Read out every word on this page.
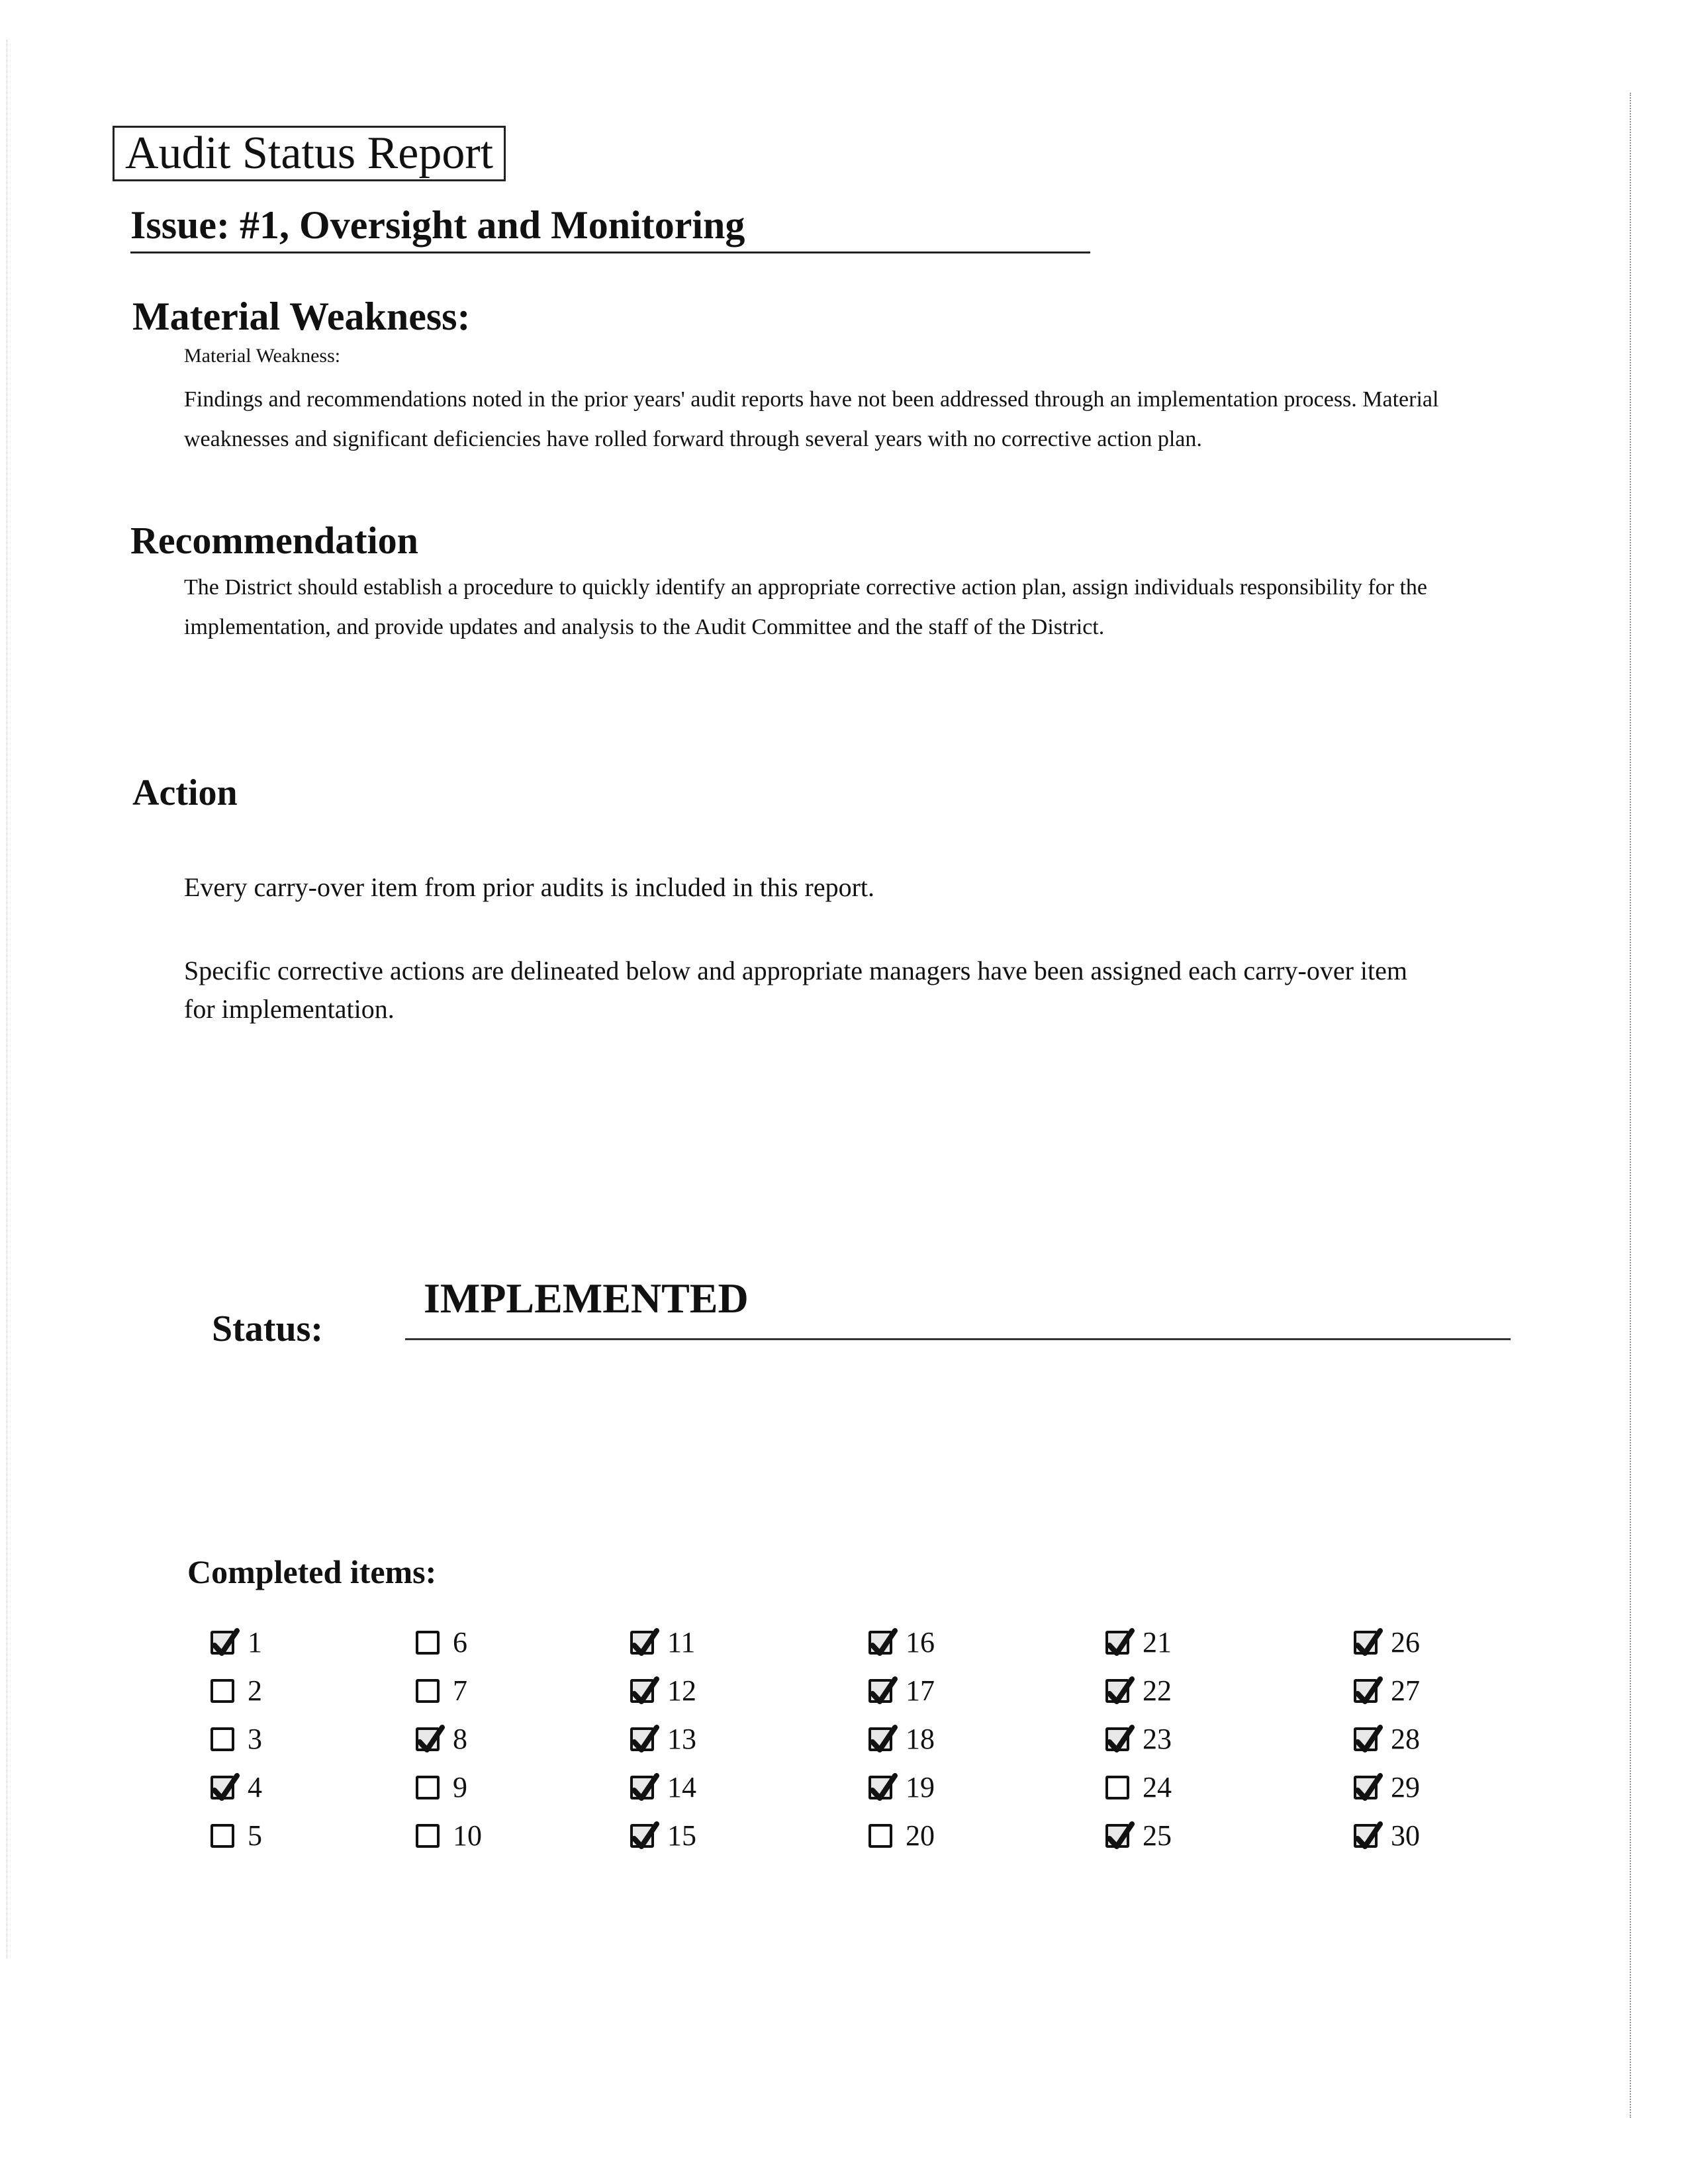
Audit Status Report
Issue: #1, Oversight and Monitoring
Material Weakness:
Material Weakness:

Findings and recommendations noted in the prior years' audit reports have not been addressed through an implementation process. Material weaknesses and significant deficiencies have rolled forward through several years with no corrective action plan.

Recommendation

The District should establish a procedure to quickly identify an appropriate corrective action plan, assign individuals responsibility for the implementation, and provide updates and analysis to the Audit Committee and the staff of the District.

Action

Every carry-over item from prior audits is included in this report.

Specific corrective actions are delineated below and appropriate managers have been assigned each carry-over item for implementation.

Status:
IMPLEMENTED
Completed items:
1
2
3
4
5
6
7
8
9
10
11
12
13
14
15
16
17
18
19
20
21
22
23
24
25
26
27
28
29
30
